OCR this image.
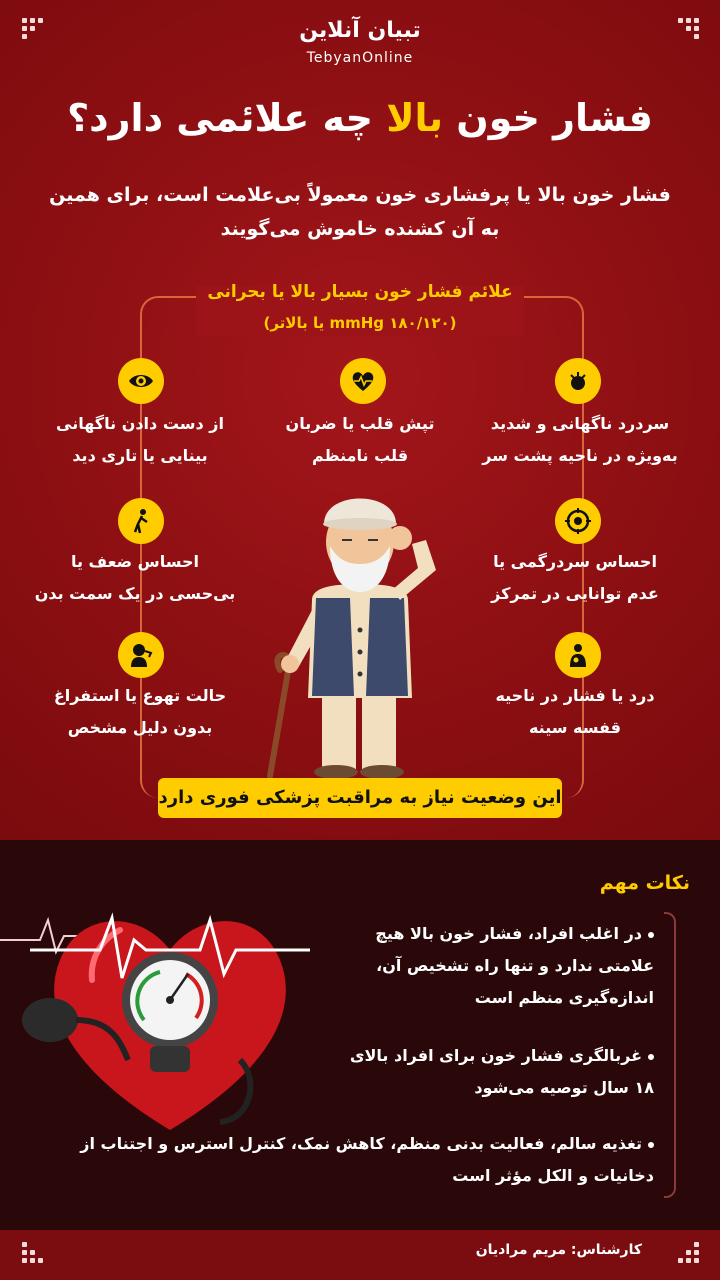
تبیان آنلاین
TebyanOnline
فشار خون بالا چه علائمی دارد؟
فشار خون بالا یا پرفشاری خون معمولاً بی‌علامت است، برای همین به آن کشنده خاموش می‌گویند
علائم فشار خون بسیار بالا یا بحرانی
(۱۸۰/۱۲۰ mmHg یا بالاتر)
سردرد ناگهانی و شدید
به‌ویژه در ناحیه پشت سر
تپش قلب یا ضربان
قلب نامنظم
از دست دادن ناگهانی
بینایی یا تاری دید
احساس سردرگمی یا
عدم توانایی در تمرکز
احساس ضعف یا
بی‌حسی در یک سمت بدن
درد یا فشار در ناحیه
قفسه سینه
حالت تهوع یا استفراغ
بدون دلیل مشخص
این وضعیت نیاز به مراقبت پزشکی فوری دارد
نکات مهم
در اغلب افراد، فشار خون بالا هیچ
علامتی ندارد و تنها راه تشخیص آن،
اندازه‌گیری منظم است
غربالگری فشار خون برای افراد بالای
۱۸ سال توصیه می‌شود
تغذیه سالم، فعالیت بدنی منظم، کاهش نمک، کنترل استرس و اجتناب از
دخانیات و الکل مؤثر است
کارشناس: مریم مرادیان
